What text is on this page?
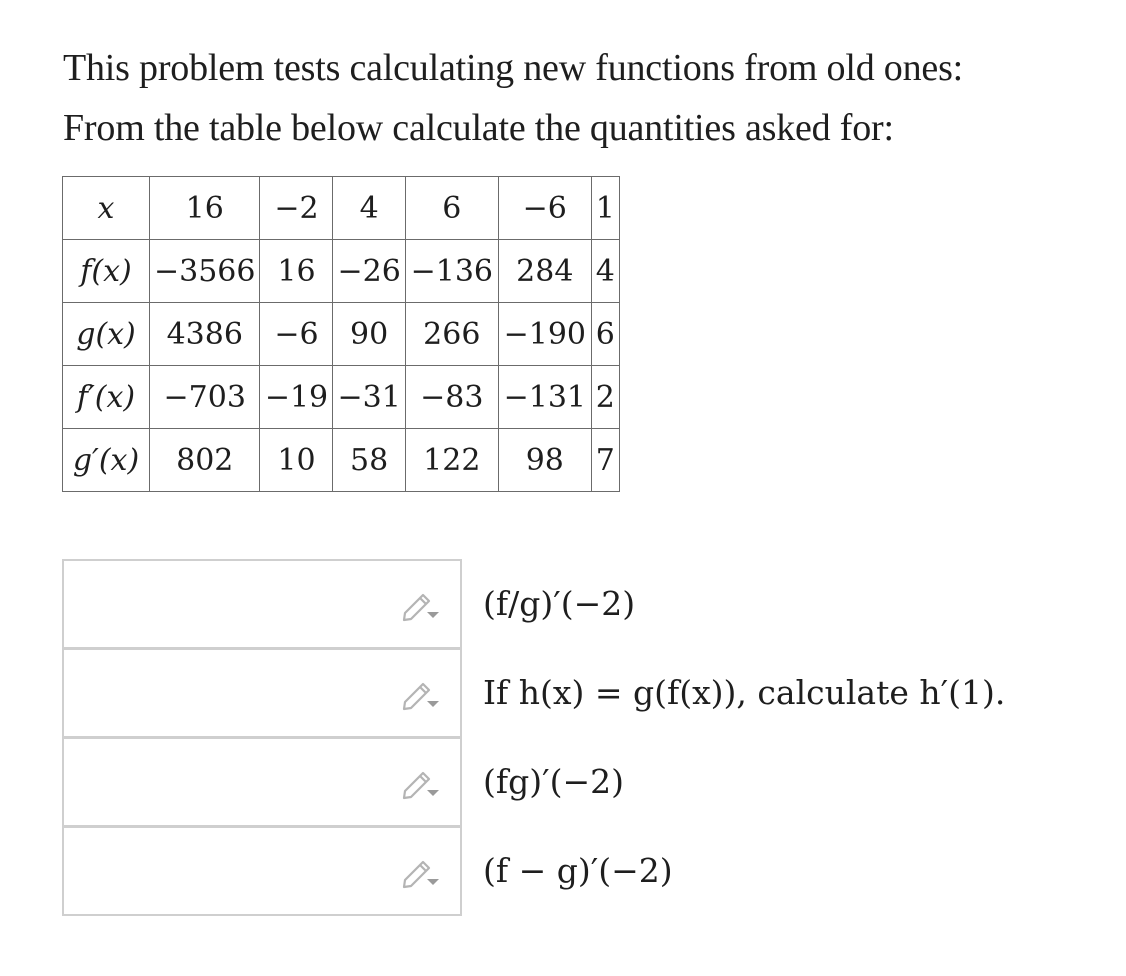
This problem tests calculating new functions from old ones:
From the table below calculate the quantities asked for:
x	16	−2	4	6	−6	1
f(x)	−3566	16	−26	−136	284	4
g(x)	4386	−6	90	266	−190	6
f′(x)	−703	−19	−31	−83	−131	2
g′(x)	802	10	58	122	98	7
(f/g)′(−2)
If h(x) = g(f(x)), calculate h′(1).
(fg)′(−2)
(f − g)′(−2)
